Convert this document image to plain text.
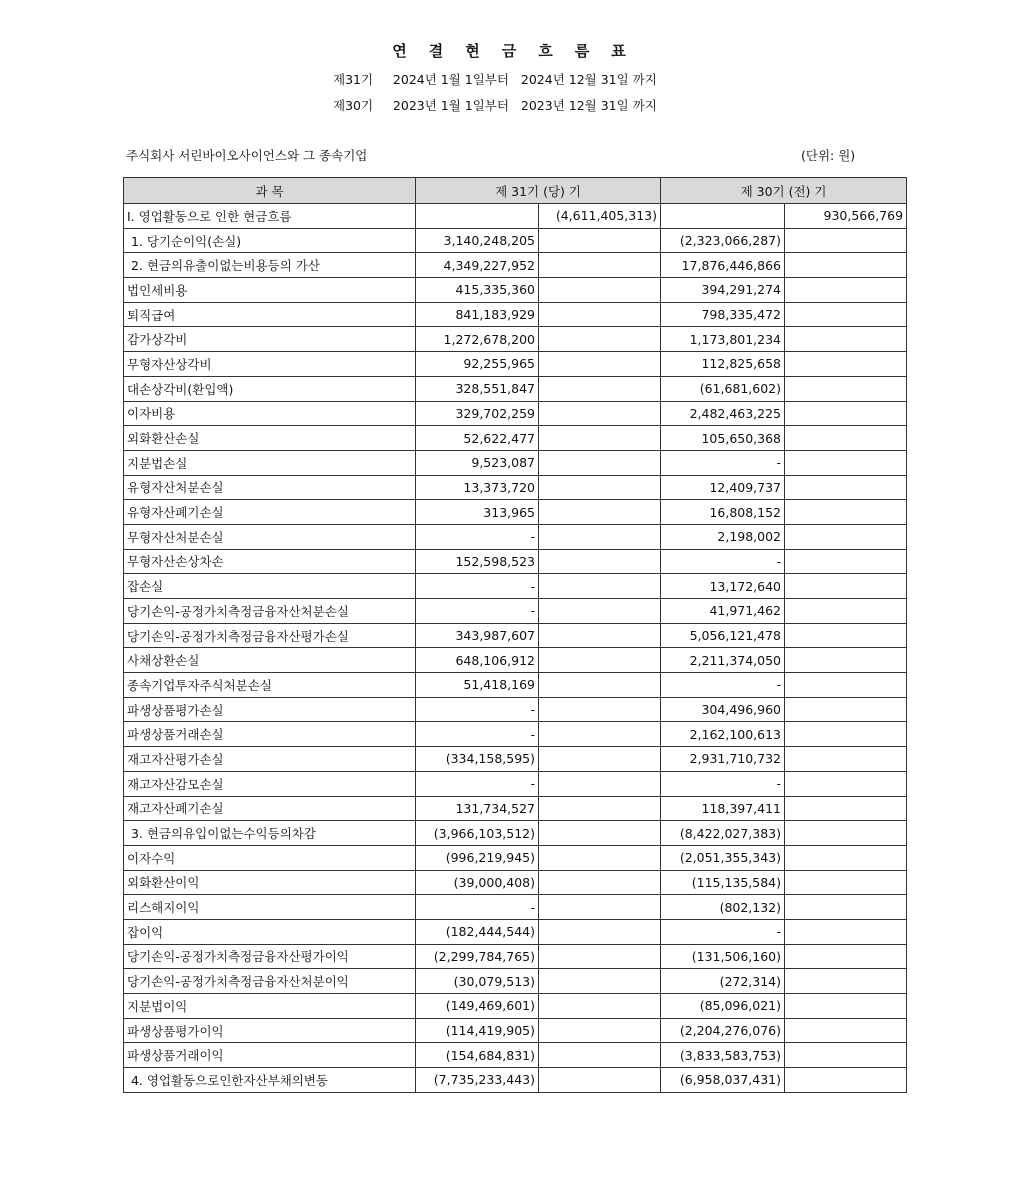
연 결 현 금 흐 름 표
제31기     2024년 1월 1일부터   2024년 12월 31일 까지
제30기     2023년 1월 1일부터   2023년 12월 31일 까지
주식회사 서린바이오사이언스와 그 종속기업	(단위: 원)
과 목	제 31기 (당) 기		제 30기 (전) 기	
I. 영업활동으로 인한 현금흐름		(4,611,405,313)		930,566,769
1. 당기순이익(손실)	3,140,248,205		(2,323,066,287)	
2. 현금의유출이없는비용등의 가산	4,349,227,952		17,876,446,866	
법인세비용	415,335,360		394,291,274	
퇴직급여	841,183,929		798,335,472	
감가상각비	1,272,678,200		1,173,801,234	
무형자산상각비	92,255,965		112,825,658	
대손상각비(환입액)	328,551,847		(61,681,602)	
이자비용	329,702,259		2,482,463,225	
외화환산손실	52,622,477		105,650,368	
지분법손실	9,523,087		-	
유형자산처분손실	13,373,720		12,409,737	
유형자산폐기손실	313,965		16,808,152	
무형자산처분손실	-		2,198,002	
무형자산손상차손	152,598,523		-	
잡손실	-		13,172,640	
당기손익-공정가치측정금융자산처분손실	-		41,971,462	
당기손익-공정가치측정금융자산평가손실	343,987,607		5,056,121,478	
사채상환손실	648,106,912		2,211,374,050	
종속기업투자주식처분손실	51,418,169		-	
파생상품평가손실	-		304,496,960	
파생상품거래손실	-		2,162,100,613	
재고자산평가손실	(334,158,595)		2,931,710,732	
재고자산감모손실	-		-	
재고자산폐기손실	131,734,527		118,397,411	
3. 현금의유입이없는수익등의차감	(3,966,103,512)		(8,422,027,383)	
이자수익	(996,219,945)		(2,051,355,343)	
외화환산이익	(39,000,408)		(115,135,584)	
리스해지이익	-		(802,132)	
잡이익	(182,444,544)		-	
당기손익-공정가치측정금융자산평가이익	(2,299,784,765)		(131,506,160)	
당기손익-공정가치측정금융자산처분이익	(30,079,513)		(272,314)	
지분법이익	(149,469,601)		(85,096,021)	
파생상품평가이익	(114,419,905)		(2,204,276,076)	
파생상품거래이익	(154,684,831)		(3,833,583,753)	
4. 영업활동으로인한자산부채의변동	(7,735,233,443)		(6,958,037,431)	
